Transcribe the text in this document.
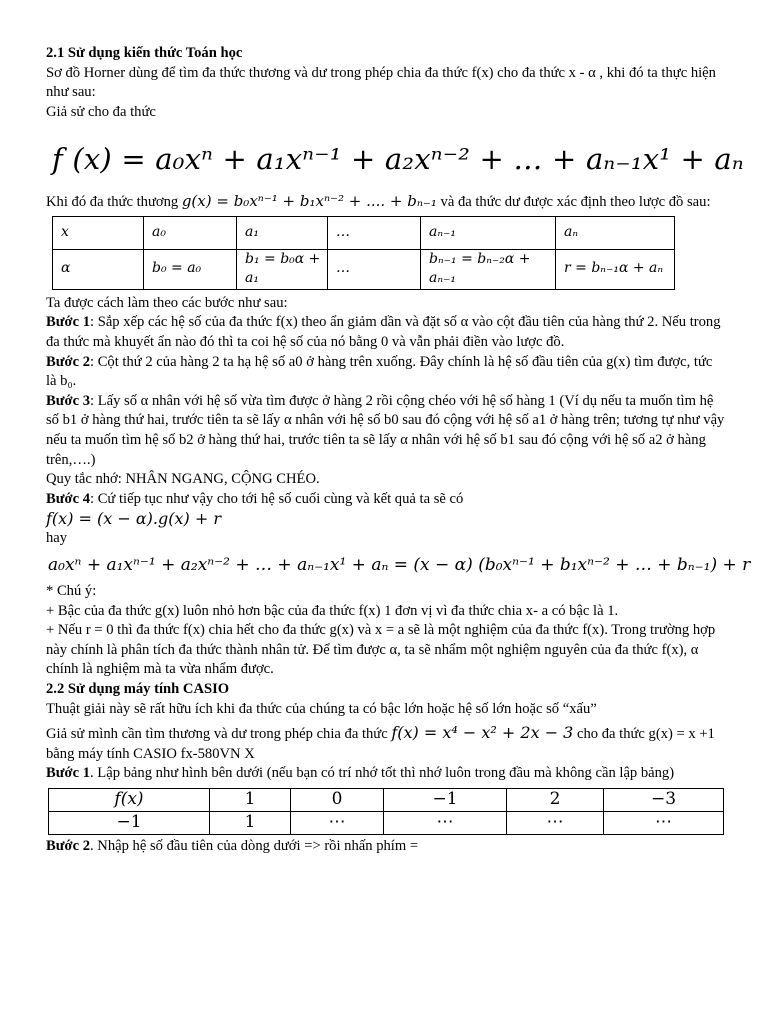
2.1 Sử dụng kiến thức Toán học

Sơ đồ Horner dùng để tìm đa thức thương và dư trong phép chia đa thức f(x) cho đa thức x - α , khi đó ta thực hiện như sau:

Giả sử cho đa thức

f (x) = a₀xⁿ + a₁xⁿ⁻¹ + a₂xⁿ⁻² + … + aₙ₋₁x¹ + aₙ

Khi đó đa thức thương g(x) = b₀xⁿ⁻¹ + b₁xⁿ⁻² + .... + bₙ₋₁ và đa thức dư được xác định theo lược đồ sau:

x	a₀	a₁	…	aₙ₋₁	aₙ
α	b₀ = a₀	b₁ = b₀α + a₁	…	bₙ₋₁ = bₙ₋₂α + aₙ₋₁	r = bₙ₋₁α + aₙ

Ta được cách làm theo các bước như sau:

Bước 1: Sắp xếp các hệ số của đa thức f(x) theo ẩn giảm dần và đặt số α vào cột đầu tiên của hàng thứ 2. Nếu trong đa thức mà khuyết ẩn nào đó thì ta coi hệ số của nó bằng 0 và vẫn phải điền vào lược đồ.

Bước 2: Cột thứ 2 của hàng 2 ta hạ hệ số a0 ở hàng trên xuống. Đây chính là hệ số đầu tiên của g(x) tìm được, tức là b₀.

Bước 3: Lấy số α nhân với hệ số vừa tìm được ở hàng 2 rồi cộng chéo với hệ số hàng 1 (Ví dụ nếu ta muốn tìm hệ số b1 ở hàng thứ hai, trước tiên ta sẽ lấy α nhân với hệ số b0 sau đó cộng với hệ số a1 ở hàng trên; tương tự như vậy nếu ta muốn tìm hệ số b2 ở hàng thứ hai, trước tiên ta sẽ lấy α nhân với hệ số b1 sau đó cộng với hệ số a2 ở hàng trên,….)

Quy tắc nhớ: NHÂN NGANG, CỘNG CHÉO.

Bước 4: Cứ tiếp tục như vậy cho tới hệ số cuối cùng và kết quả ta sẽ có

f(x) = (x − α).g(x) + r

hay

a₀xⁿ + a₁xⁿ⁻¹ + a₂xⁿ⁻² + … + aₙ₋₁x¹ + aₙ = (x − α) (b₀xⁿ⁻¹ + b₁xⁿ⁻² + … + bₙ₋₁) + r

* Chú ý:

+ Bậc của đa thức g(x) luôn nhỏ hơn bậc của đa thức f(x) 1 đơn vị vì đa thức chia x- a có bậc là 1.

+ Nếu r = 0 thì đa thức f(x) chia hết cho đa thức g(x) và x = a sẽ là một nghiệm của đa thức f(x). Trong trường hợp này chính là phân tích đa thức thành nhân tử. Để tìm được α, ta sẽ nhẩm một nghiệm nguyên của đa thức f(x), α chính là nghiệm mà ta vừa nhẩm được.

2.2 Sử dụng máy tính CASIO

Thuật giải này sẽ rất hữu ích khi đa thức của chúng ta có bậc lớn hoặc hệ số lớn hoặc số “xấu”

Giả sử mình cần tìm thương và dư trong phép chia đa thức f(x) = x⁴ − x² + 2x − 3 cho đa thức g(x) = x +1 bằng máy tính CASIO fx-580VN X

Bước 1. Lập bảng như hình bên dưới (nếu bạn có trí nhớ tốt thì nhớ luôn trong đầu mà không cần lập bảng)

f(x)	1	0	−1	2	−3
−1	1	⋯	⋯	⋯	⋯

Bước 2. Nhập hệ số đầu tiên của dòng dưới => rồi nhấn phím =
